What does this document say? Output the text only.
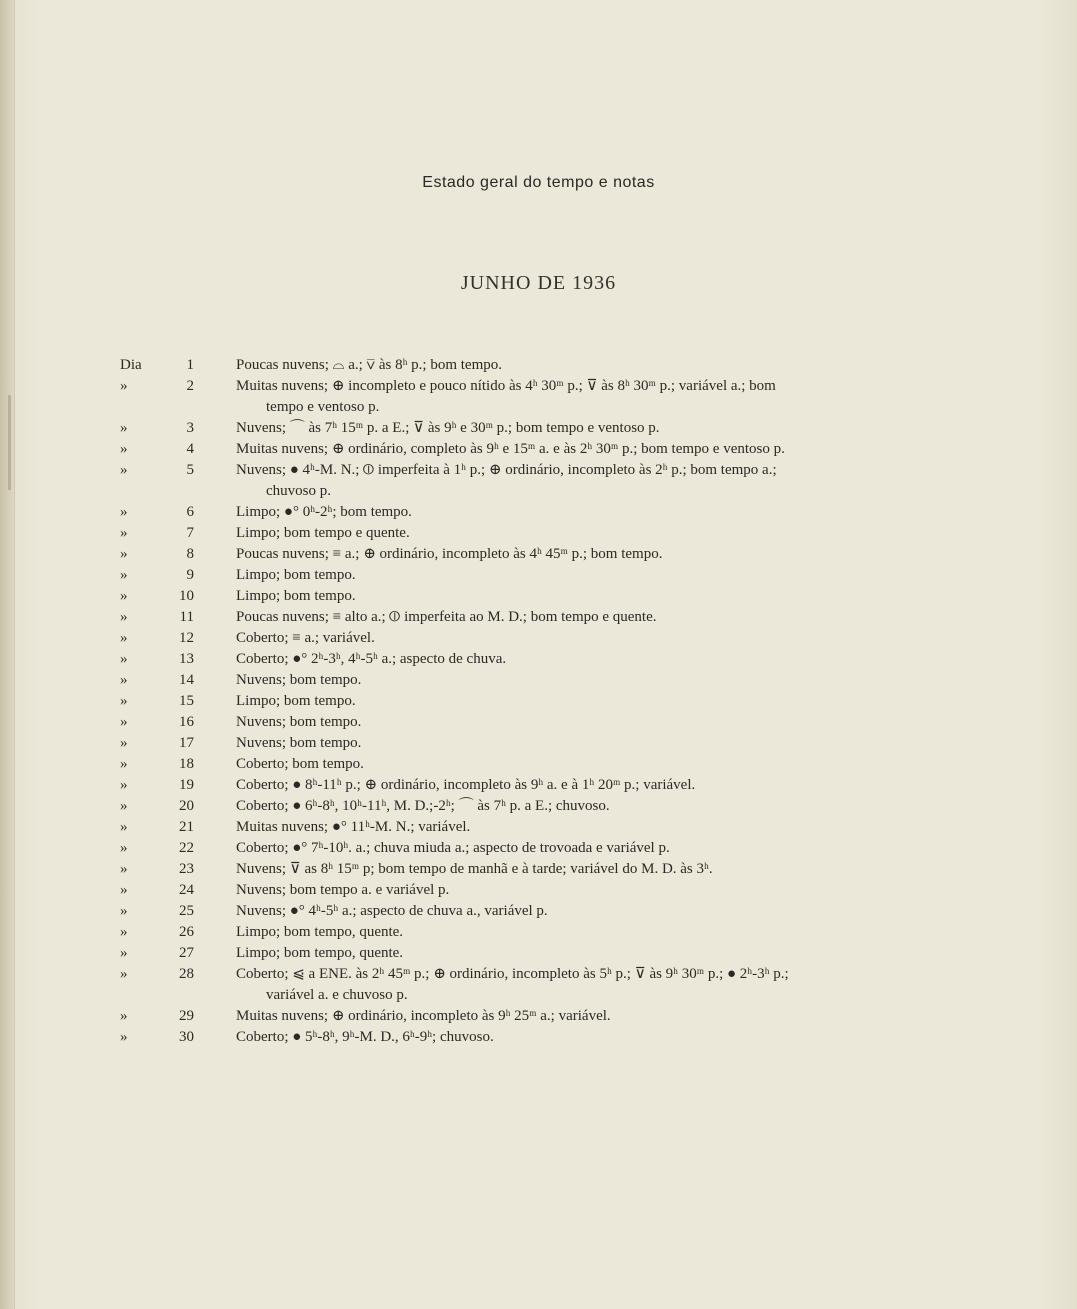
Estado geral do tempo e notas
JUNHO DE 1936
Dia	1	Poucas nuvens; ⌓ a.; ⊽ às 8ʰ p.; bom tempo.
»	2	Muitas nuvens; ⊕ incompleto e pouco nítido às 4ʰ 30ᵐ p.; ⊽ às 8ʰ 30ᵐ p.; variável a.; bom
tempo e ventoso p.
»	3	Nuvens; ⌒ às 7ʰ 15ᵐ p. a E.; ⊽ às 9ʰ e 30ᵐ p.; bom tempo e ventoso p.
»	4	Muitas nuvens; ⊕ ordinário, completo às 9ʰ e 15ᵐ a. e às 2ʰ 30ᵐ p.; bom tempo e ventoso p.
»	5	Nuvens; ● 4ʰ-M. N.; ⦶ imperfeita à 1ʰ p.; ⊕ ordinário, incompleto às 2ʰ p.; bom tempo a.;
chuvoso p.
»	6	Limpo; ●° 0ʰ-2ʰ; bom tempo.
»	7	Limpo; bom tempo e quente.
»	8	Poucas nuvens; ≡ a.; ⊕ ordinário, incompleto às 4ʰ 45ᵐ p.; bom tempo.
»	9	Limpo; bom tempo.
»	10	Limpo; bom tempo.
»	11	Poucas nuvens; ≡ alto a.; ⦶ imperfeita ao M. D.; bom tempo e quente.
»	12	Coberto; ≡ a.; variável.
»	13	Coberto; ●° 2ʰ-3ʰ, 4ʰ-5ʰ a.; aspecto de chuva.
»	14	Nuvens; bom tempo.
»	15	Limpo; bom tempo.
»	16	Nuvens; bom tempo.
»	17	Nuvens; bom tempo.
»	18	Coberto; bom tempo.
»	19	Coberto; ● 8ʰ-11ʰ p.; ⊕ ordinário, incompleto às 9ʰ a. e à 1ʰ 20ᵐ p.; variável.
»	20	Coberto; ● 6ʰ-8ʰ, 10ʰ-11ʰ, M. D.;-2ʰ; ⌒ às 7ʰ p. a E.; chuvoso.
»	21	Muitas nuvens; ●° 11ʰ-M. N.; variável.
»	22	Coberto; ●° 7ʰ-10ʰ. a.; chuva miuda a.; aspecto de trovoada e variável p.
»	23	Nuvens; ⊽ as 8ʰ 15ᵐ p; bom tempo de manhã e à tarde; variável do M. D. às 3ʰ.
»	24	Nuvens; bom tempo a. e variável p.
»	25	Nuvens; ●° 4ʰ-5ʰ a.; aspecto de chuva a., variável p.
»	26	Limpo; bom tempo, quente.
»	27	Limpo; bom tempo, quente.
»	28	Coberto; ⩿ a ENE. às 2ʰ 45ᵐ p.; ⊕ ordinário, incompleto às 5ʰ p.; ⊽ às 9ʰ 30ᵐ p.; ● 2ʰ-3ʰ p.;
variável a. e chuvoso p.
»	29	Muitas nuvens; ⊕ ordinário, incompleto às 9ʰ 25ᵐ a.; variável.
»	30	Coberto; ● 5ʰ-8ʰ, 9ʰ-M. D., 6ʰ-9ʰ; chuvoso.
